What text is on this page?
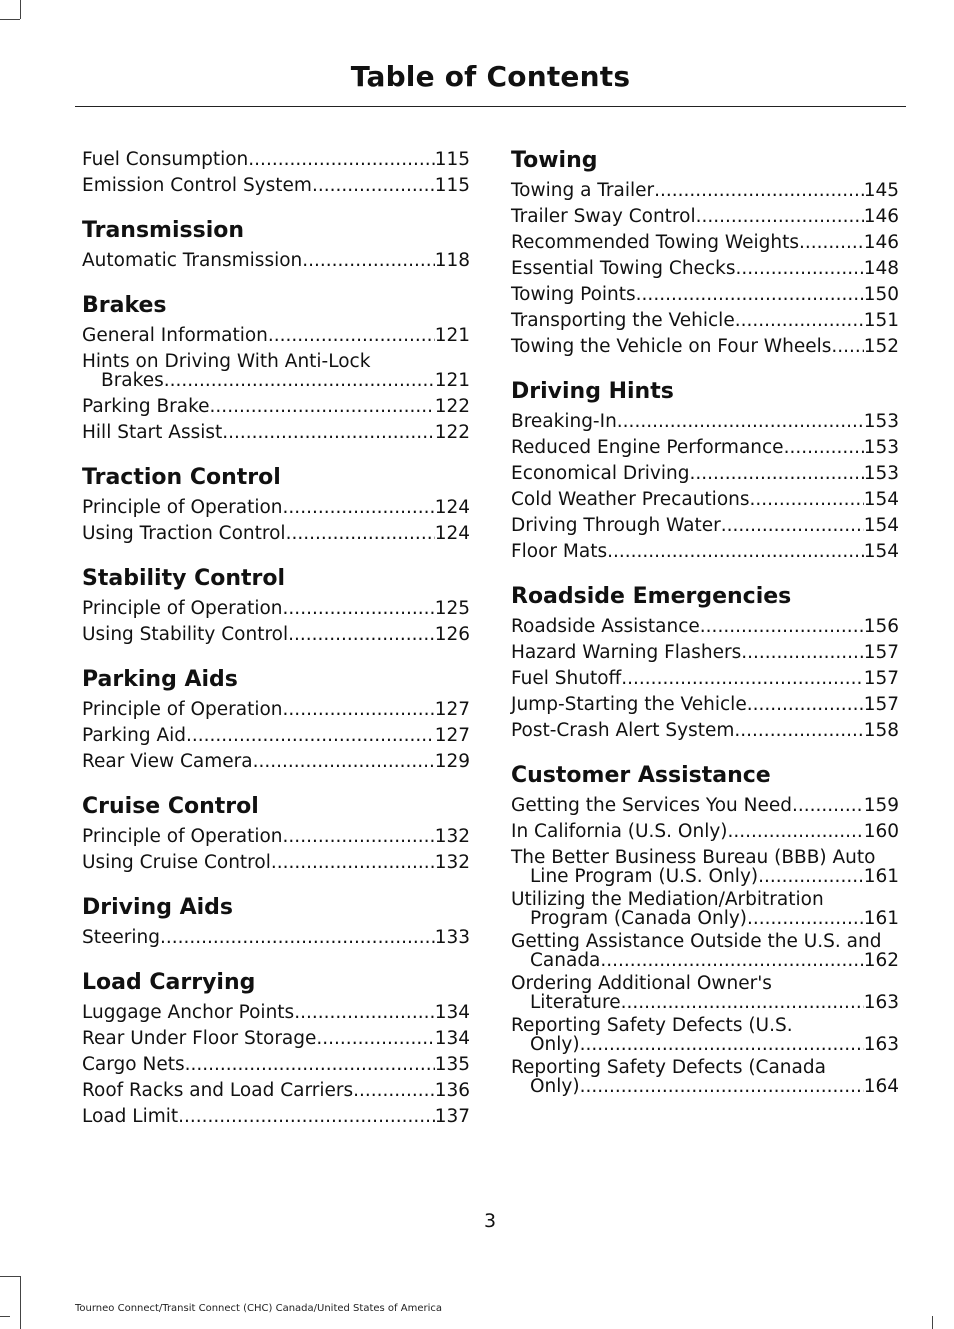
Table of Contents
Fuel Consumption .....	115
Emission Control System .....	115
Transmission
Automatic Transmission .....	118
Brakes
General Information .....	121
Hints on Driving With Anti-Lock
Brakes .....	121
Parking Brake .....	122
Hill Start Assist .....	122
Traction Control
Principle of Operation .....	124
Using Traction Control .....	124
Stability Control
Principle of Operation .....	125
Using Stability Control .....	126
Parking Aids
Principle of Operation .....	127
Parking Aid .....	127
Rear View Camera .....	129
Cruise Control
Principle of Operation .....	132
Using Cruise Control .....	132
Driving Aids
Steering .....	133
Load Carrying
Luggage Anchor Points .....	134
Rear Under Floor Storage .....	134
Cargo Nets .....	135
Roof Racks and Load Carriers .....	136
Load Limit .....	137
Towing
Towing a Trailer .....	145
Trailer Sway Control .....	146
Recommended Towing Weights .....	146
Essential Towing Checks .....	148
Towing Points .....	150
Transporting the Vehicle .....	151
Towing the Vehicle on Four Wheels ..... 152
Driving Hints
Breaking-In .....	153
Reduced Engine Performance .....	153
Economical Driving .....	153
Cold Weather Precautions .....	154
Driving Through Water .....	154
Floor Mats .....	154
Roadside Emergencies
Roadside Assistance .....	156
Hazard Warning Flashers .....	157
Fuel Shutoff .....	157
Jump-Starting the Vehicle .....	157
Post-Crash Alert System .....	158
Customer Assistance
Getting the Services You Need .....	159
In California (U.S. Only) .....	160
The Better Business Bureau (BBB) Auto
Line Program (U.S. Only) .....	161
Utilizing the Mediation/Arbitration
Program (Canada Only) .....	161
Getting Assistance Outside the U.S. and
Canada .....	162
Ordering Additional Owner's
Literature .....	163
Reporting Safety Defects (U.S.
Only) .....	163
Reporting Safety Defects (Canada
Only) .....	164
3
Tourneo Connect/Transit Connect (CHC) Canada/United States of America
